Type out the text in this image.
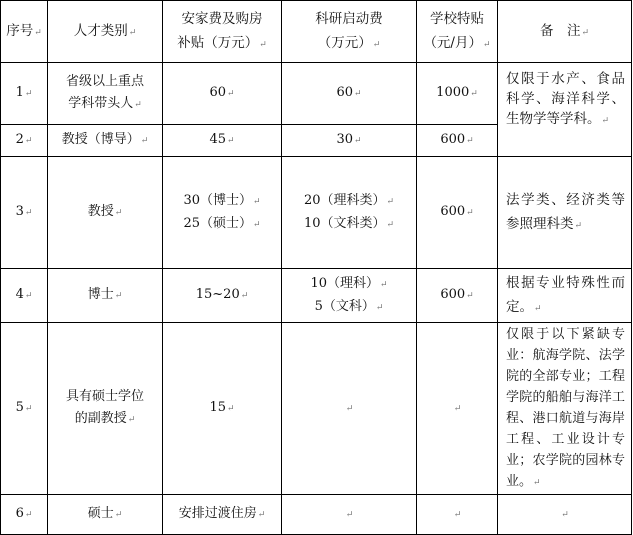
序号↵	人才类别↵	安家费及购房
补贴（万元）↵	科研启动费
（万元）↵	学校特贴
（元/月）↵	备　注↵
1↵	省级以上重点
学科带头人↵	60↵	60↵	1000↵	仅限于水产、食品科学、海洋科学、生物学等学科。↵
2↵	教授（博导）↵	45↵	30↵	600↵	
3↵	教授↵	30（博士）↵
25（硕士）↵	20（理科类）↵
10（文科类）↵	600↵	法学类、经济类等参照理科类↵
4↵	博士↵	15~20↵	10（理科）↵
5（文科）↵	600↵	根据专业特殊性而定。↵
5↵	具有硕士学位
的副教授↵	15↵	↵	↵	仅限于以下紧缺专业：航海学院、法学院的全部专业；工程学院的船舶与海洋工程、港口航道与海岸工程、工业设计专业；农学院的园林专业。↵
6↵	硕士↵	安排过渡住房↵	↵	↵	↵
